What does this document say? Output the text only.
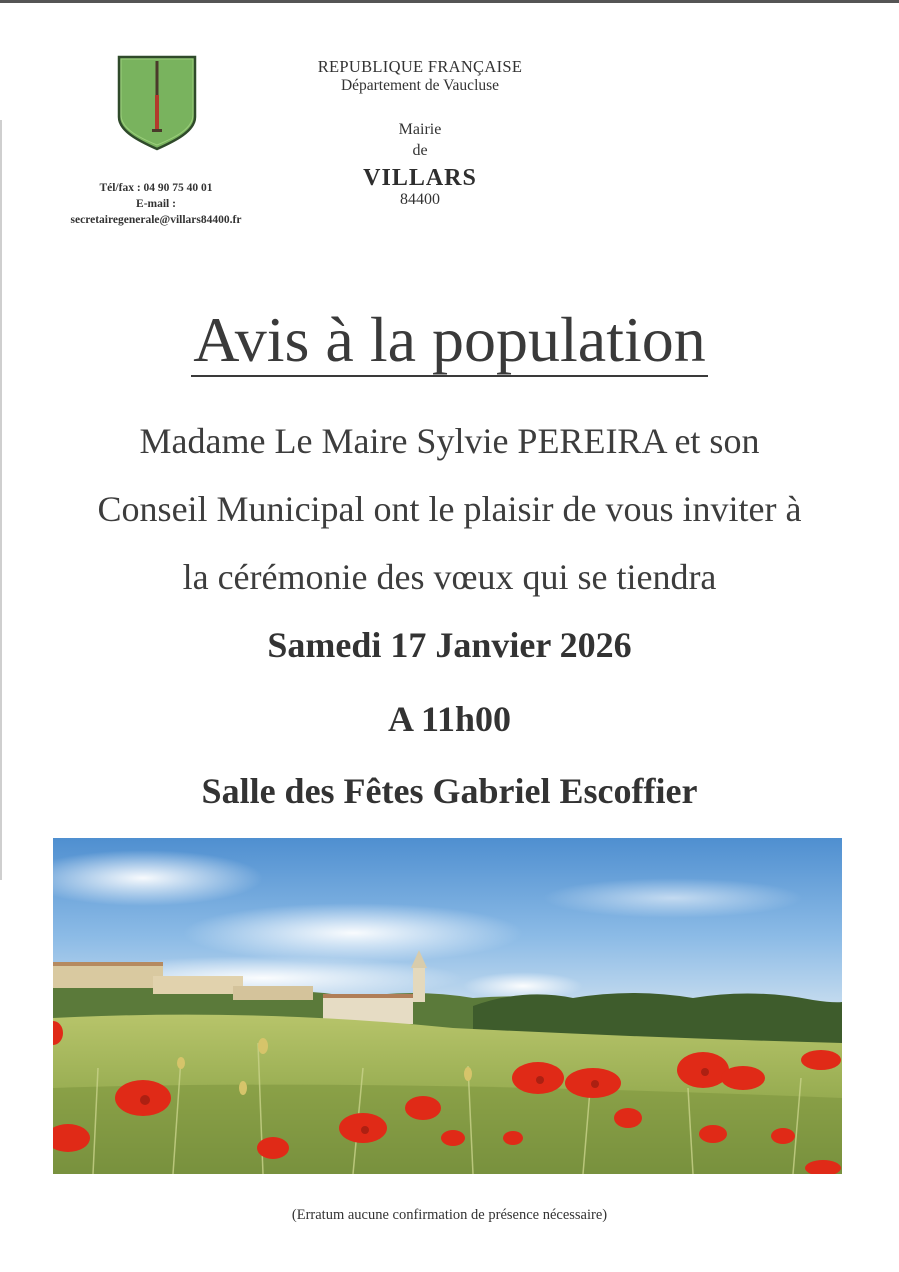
Tél/fax : 04 90 75 40 01
E-mail :
secretairegenerale@villars84400.fr
REPUBLIQUE FRANÇAISE
Département de Vaucluse
Mairie
de
VILLARS
84400
Avis à la population
Madame Le Maire Sylvie PEREIRA et son
Conseil Municipal ont le plaisir de vous inviter à
la cérémonie des vœux qui se tiendra
Samedi 17 Janvier 2026
A 11h00
Salle des Fêtes Gabriel Escoffier
(Erratum aucune confirmation de présence nécessaire)
